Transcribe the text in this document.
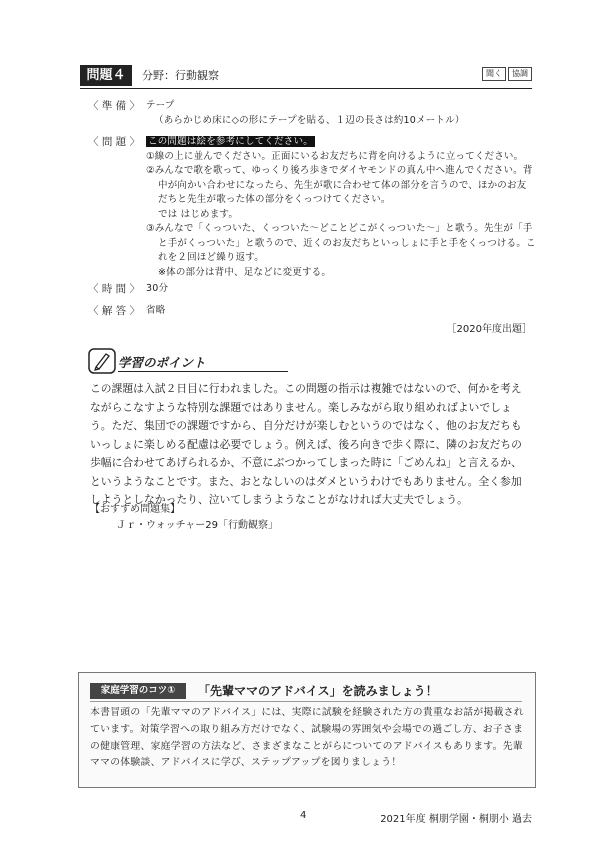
問題４	分野：行動観察	聞く	協調
〈 準 備 〉 テープ
（あらかじめ床に◇の形にテープを貼る、１辺の長さは約10メートル）
〈 問 題 〉 この問題は絵を参考にしてください。
①線の上に並んでください。正面にいるお友だちに背を向けるように立ってください。
②みんなで歌を歌って、ゆっくり後ろ歩きでダイヤモンドの真ん中へ進んでください。背中が向かい合わせになったら、先生が歌に合わせて体の部分を言うので、ほかのお友だちと先生が歌った体の部分をくっつけてください。
では はじめます。
③みんなで「くっついた、くっついた～どことどこがくっついた～」と歌う。先生が「手と手がくっついた」と歌うので、近くのお友だちといっしょに手と手をくっつける。これを２回ほど繰り返す。
※体の部分は背中、足などに変更する。
〈 時 間 〉 30分
〈 解 答 〉 省略
［2020年度出題］
学習のポイント
この課題は入試２日目に行われました。この問題の指示は複雑ではないので、何かを考えながらこなすような特別な課題ではありません。楽しみながら取り組めればよいでしょう。ただ、集団での課題ですから、自分だけが楽しむというのではなく、他のお友だちもいっしょに楽しめる配慮は必要でしょう。例えば、後ろ向きで歩く際に、隣のお友だちの歩幅に合わせてあげられるか、不意にぶつかってしまった時に「ごめんね」と言えるか、というようなことです。また、おとなしいのはダメというわけでもありません。全く参加しようとしなかったり、泣いてしまうようなことがなければ大丈夫でしょう。
【おすすめ問題集】
Ｊｒ・ウォッチャー29「行動観察」
家庭学習のコツ①	「先輩ママのアドバイス」を読みましょう！
本書冒頭の「先輩ママのアドバイス」には、実際に試験を経験された方の貴重なお話が掲載されています。対策学習への取り組み方だけでなく、試験場の雰囲気や会場での過ごし方、お子さまの健康管理、家庭学習の方法など、さまざまなことがらについてのアドバイスもあります。先輩ママの体験談、アドバイスに学び、ステップアップを図りましょう！
4	2021年度 桐朋学園・桐朋小 過去
